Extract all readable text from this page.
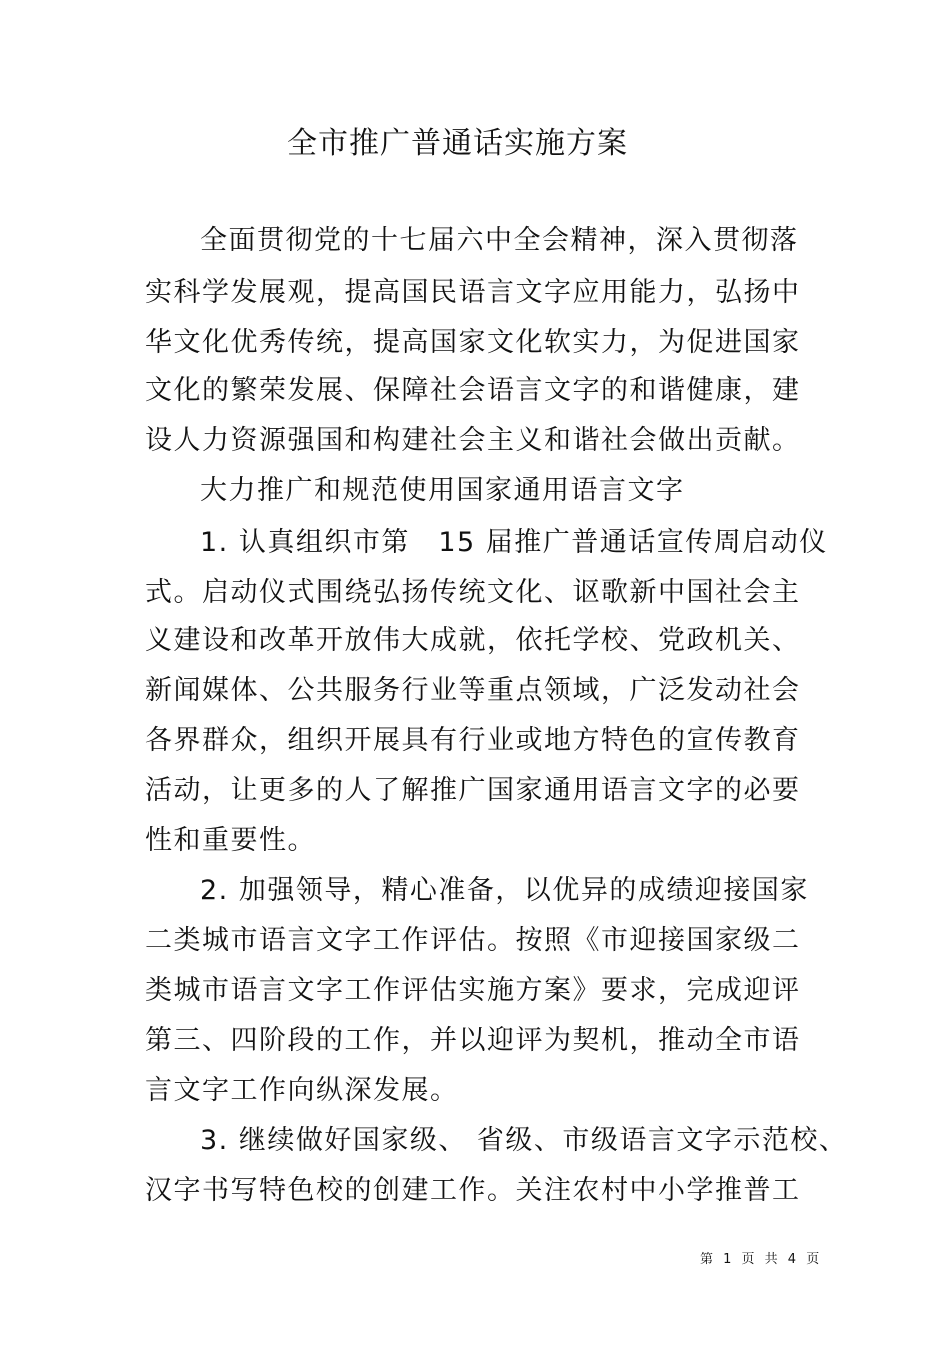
全市推广普通话实施方案
全面贯彻党的十七届六中全会精神，深入贯彻落
实科学发展观，提高国民语言文字应用能力，弘扬中
华文化优秀传统，提高国家文化软实力，为促进国家
文化的繁荣发展、保障社会语言文字的和谐健康，建
设人力资源强国和构建社会主义和谐社会做出贡献。
大力推广和规范使用国家通用语言文字
1. 认真组织市第　15 届推广普通话宣传周启动仪
式。启动仪式围绕弘扬传统文化、讴歌新中国社会主
义建设和改革开放伟大成就，依托学校、党政机关、
新闻媒体、公共服务行业等重点领域，广泛发动社会
各界群众，组织开展具有行业或地方特色的宣传教育
活动，让更多的人了解推广国家通用语言文字的必要
性和重要性。
2. 加强领导，精心准备，以优异的成绩迎接国家
二类城市语言文字工作评估。按照《市迎接国家级二
类城市语言文字工作评估实施方案》要求，完成迎评
第三、四阶段的工作，并以迎评为契机，推动全市语
言文字工作向纵深发展。
3. 继续做好国家级、 省级、市级语言文字示范校、
汉字书写特色校的创建工作。关注农村中小学推普工
第 1 页 共 4 页
